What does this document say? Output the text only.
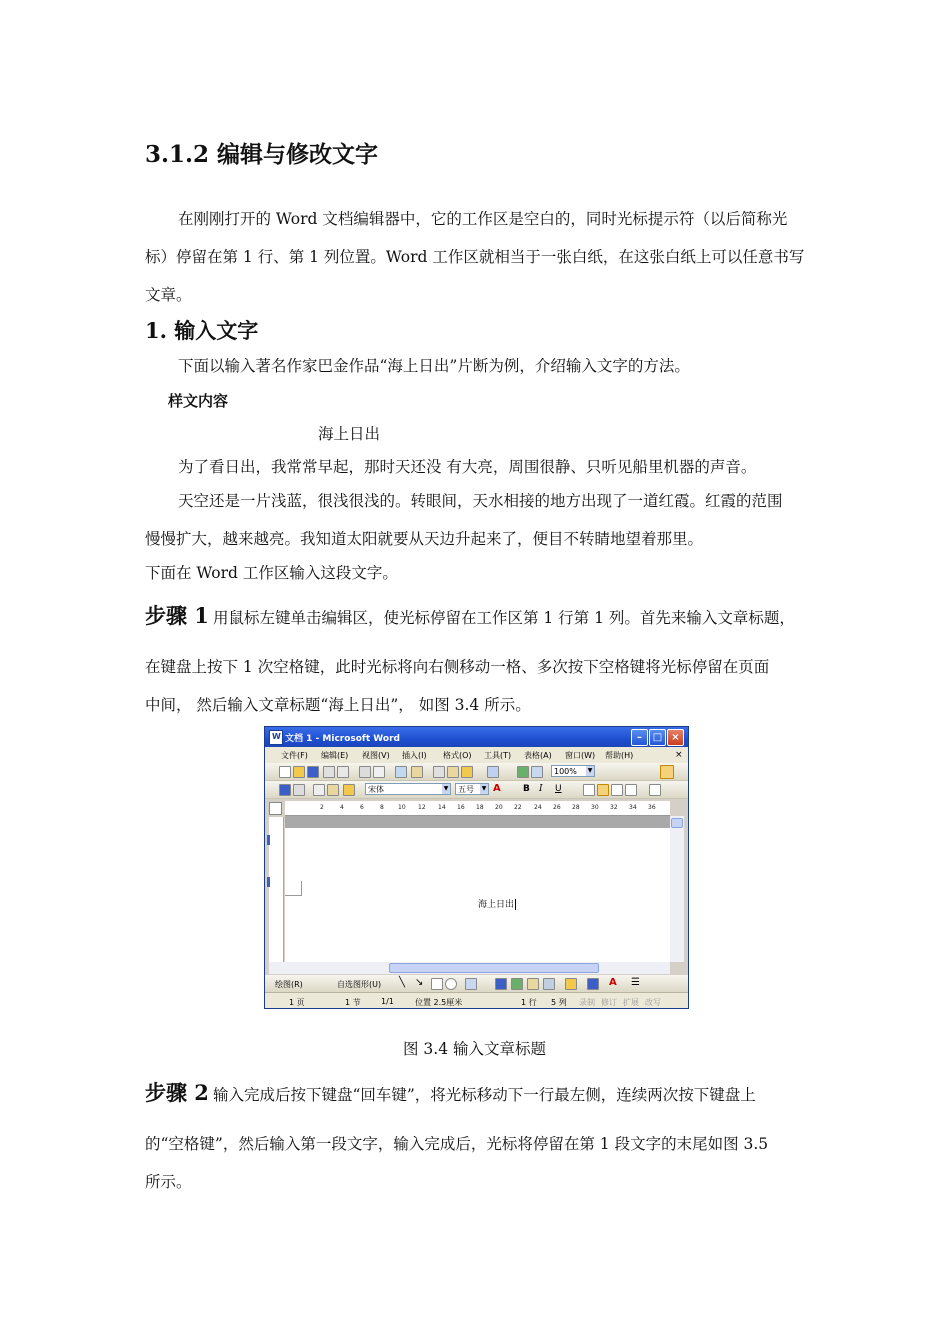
3.1.2 编辑与修改文字
在刚刚打开的 Word 文档编辑器中，它的工作区是空白的，同时光标提示符（以后简称光
标）停留在第 1 行、第 1 列位置。Word 工作区就相当于一张白纸，在这张白纸上可以任意书写
文章。
1. 输入文字
下面以输入著名作家巴金作品“海上日出”片断为例，介绍输入文字的方法。
样文内容
海上日出
为了看日出，我常常早起，那时天还没 有大亮，周围很静、只听见船里机器的声音。
天空还是一片浅蓝，很浅很浅的。转眼间，天水相接的地方出现了一道红霞。红霞的范围
慢慢扩大，越来越亮。我知道太阳就要从天边升起来了，便目不转睛地望着那里。
下面在 Word 工作区输入这段文字。
步骤 1 用鼠标左键单击编辑区，使光标停留在工作区第 1 行第 1 列。首先来输入文章标题，
在键盘上按下 1 次空格键，此时光标将向右侧移动一格、多次按下空格键将光标停留在页面
中间， 然后输入文章标题“海上日出”， 如图 3.4 所示。
W
文档 1 - Microsoft Word	–	□ ×
文件(F) 编辑(E) 视图(V) 插入(I) 格式(O) 工具(T) 表格(A) 窗口(W) 帮助(H)	×
100% ▼
宋体	▼	五号 ▼ A B I U
2	4	6	8 10 12 14 16 18 20 22 24 26 28 30 32 34 36
海上日出
绘图(R)	自选图形(U) ╲ ↘	A ☰
1 页	1 节	1/1	位置 2.5厘米	1 行 5 列 录制 修订 扩展 改写
图 3.4 输入文章标题
步骤 2 输入完成后按下键盘“回车键”，将光标移动下一行最左侧，连续两次按下键盘上
的“空格键”，然后输入第一段文字，输入完成后，光标将停留在第 1 段文字的末尾如图 3.5
所示。
